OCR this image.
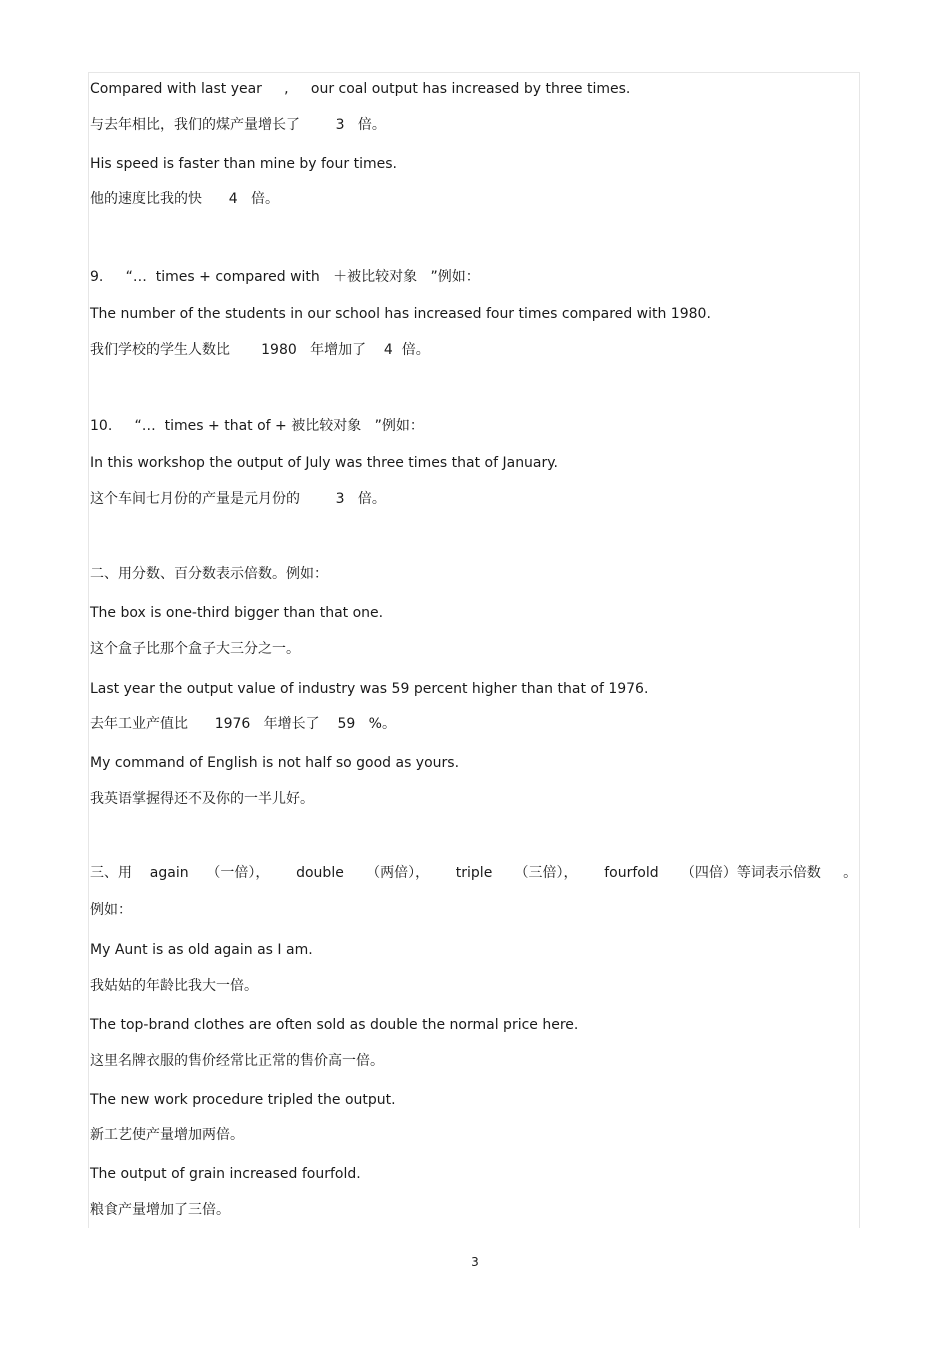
Compared with last year     ,     our coal output has increased by three times.
与去年相比，我们的煤产量增长了        3   倍。
His speed is faster than mine by four times.
他的速度比我的快      4   倍。
9.     “…  times + compared with   ＋被比较对象   ”例如：
The number of the students in our school has increased four times compared with 1980.
我们学校的学生人数比       1980   年增加了    4  倍。
10.     “…  times + that of + 被比较对象   ”例如：
In this workshop the output of July was three times that of January.
这个车间七月份的产量是元月份的        3   倍。
二、用分数、百分数表示倍数。例如：
The box is one-third bigger than that one.
这个盒子比那个盒子大三分之一。
Last year the output value of industry was 59 percent higher than that of 1976.
去年工业产值比      1976   年增长了    59   %。
My command of English is not half so good as yours.
我英语掌握得还不及你的一半儿好。
三、用    again    （一倍），      double     （两倍），      triple     （三倍），      fourfold     （四倍）等词表示倍数     。
例如：
My Aunt is as old again as I am.
我姑姑的年龄比我大一倍。
The top-brand clothes are often sold as double the normal price here.
这里名牌衣服的售价经常比正常的售价高一倍。
The new work procedure tripled the output.
新工艺使产量增加两倍。
The output of grain increased fourfold.
粮食产量增加了三倍。
3
